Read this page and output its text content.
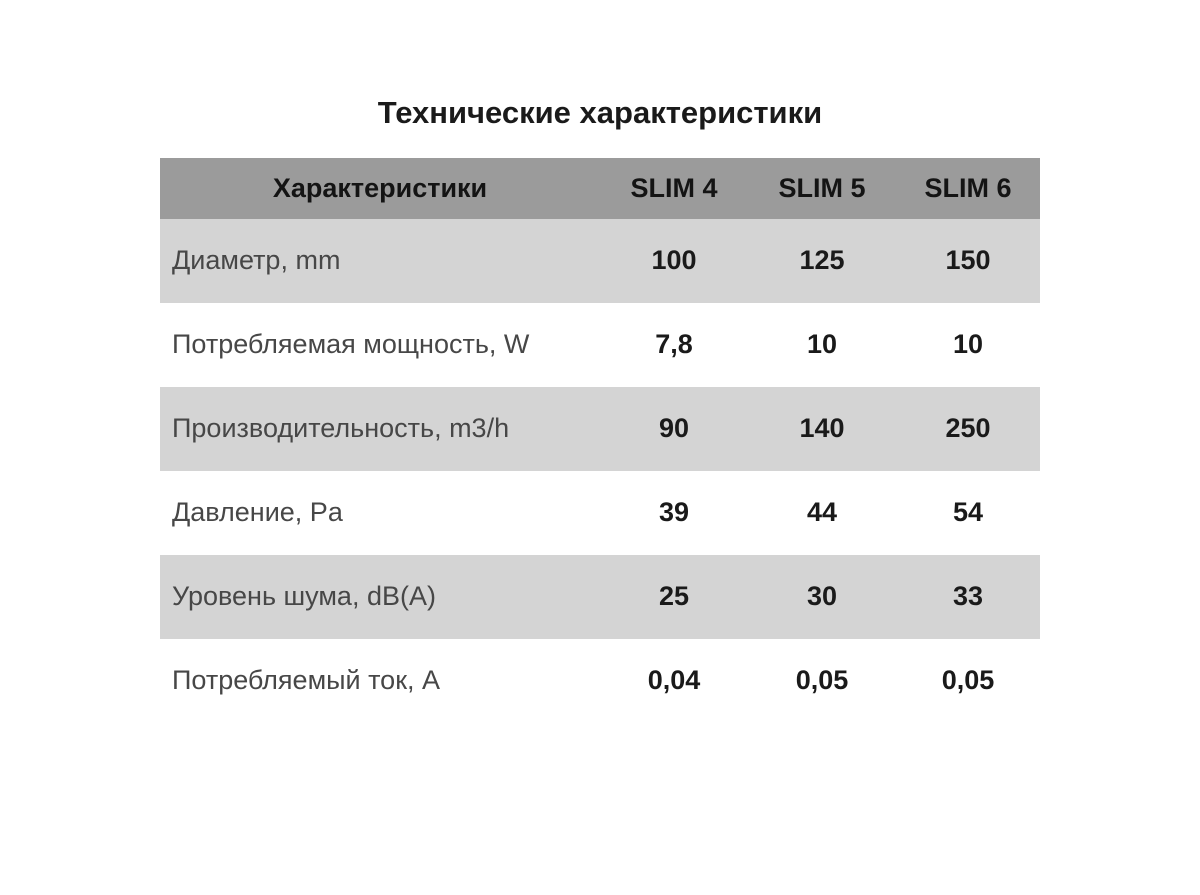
Технические характеристики
Характеристики	SLIM 4	SLIM 5	SLIM 6
Диаметр, mm	100	125	150
Потребляемая мощность, W	7,8	10	10
Производительность, m3/h	90	140	250
Давление, Pa	39	44	54
Уровень шума, dB(A)	25	30	33
Потребляемый ток, A	0,04	0,05	0,05
